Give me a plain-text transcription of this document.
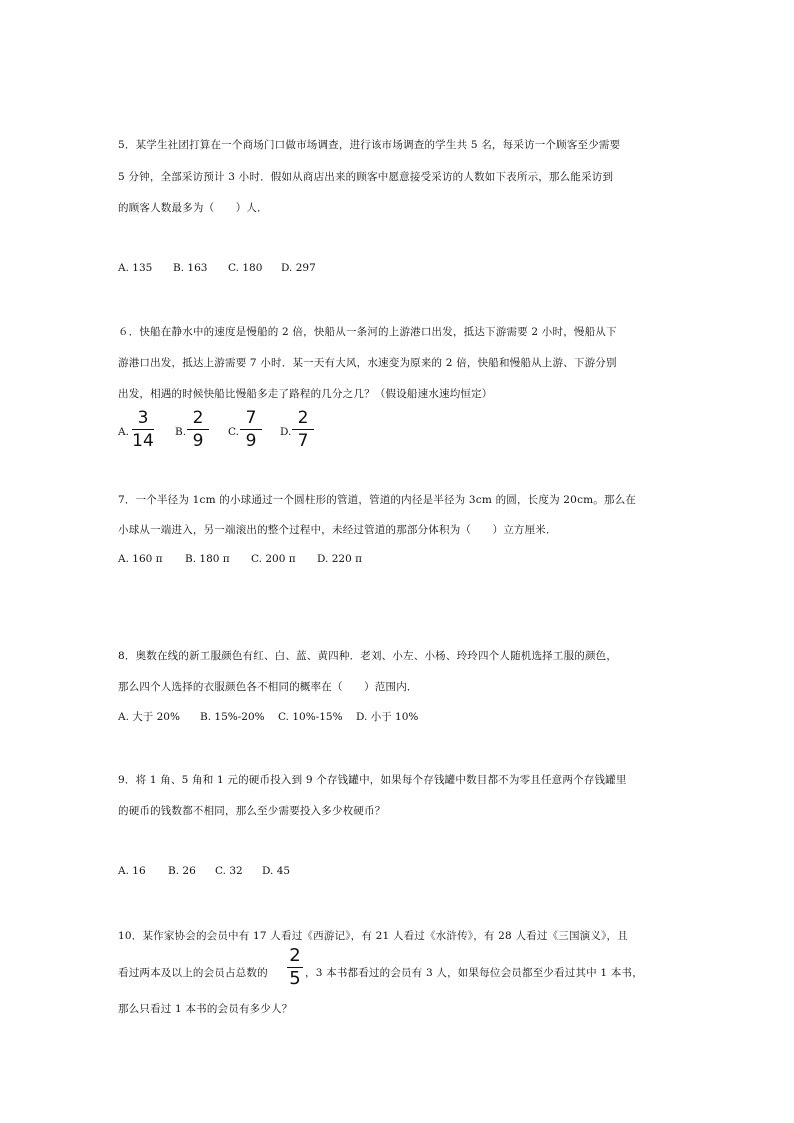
5．某学生社团打算在一个商场门口做市场调查，进行该市场调查的学生共 5 名，每采访一个顾客至少需要
5 分钟，全部采访预计 3 小时．假如从商店出来的顾客中愿意接受采访的人数如下表所示，那么能采访到
的顾客人数最多为（　　）人．
A. 135 B. 163 C. 180 D. 297
６．快船在静水中的速度是慢船的 2 倍，快船从一条河的上游港口出发，抵达下游需要 2 小时，慢船从下
游港口出发，抵达上游需要 7 小时．某一天有大风，水速变为原来的 2 倍，快船和慢船从上游、下游分别
出发，相遇的时候快船比慢船多走了路程的几分之几？（假设船速水速均恒定）
A.
3
14 B.
2
9	C.
7
9	D.
2
7
7．一个半径为 1cm 的小球通过一个圆柱形的管道，管道的内径是半径为 3cm 的圆，长度为 20cm。那么在
小球从一端进入，另一端滚出的整个过程中，未经过管道的那部分体积为（　　）立方厘米．
A. 160 π B. 180 π C. 200 π D. 220 π
8．奥数在线的新工服颜色有红、白、蓝、黄四种．老刘、小左、小杨、玲玲四个人随机选择工服的颜色，
那么四个人选择的衣服颜色各不相同的概率在（　　）范围内．
A. 大于 20% B. 15%-20% C. 10%-15% D. 小于 10%
9．将 1 角、5 角和 1 元的硬币投入到 9 个存钱罐中，如果每个存钱罐中数目都不为零且任意两个存钱罐里
的硬币的钱数都不相同，那么至少需要投入多少枚硬币？
A. 16 B. 26 C. 32 D. 45
10．某作家协会的会员中有 17 人看过《西游记》，有 21 人看过《水浒传》，有 28 人看过《三国演义》，且
看过两本及以上的会员占总数的
2
5 ，3 本书都看过的会员有 3 人，如果每位会员都至少看过其中 1 本书，
那么只看过 1 本书的会员有多少人？
